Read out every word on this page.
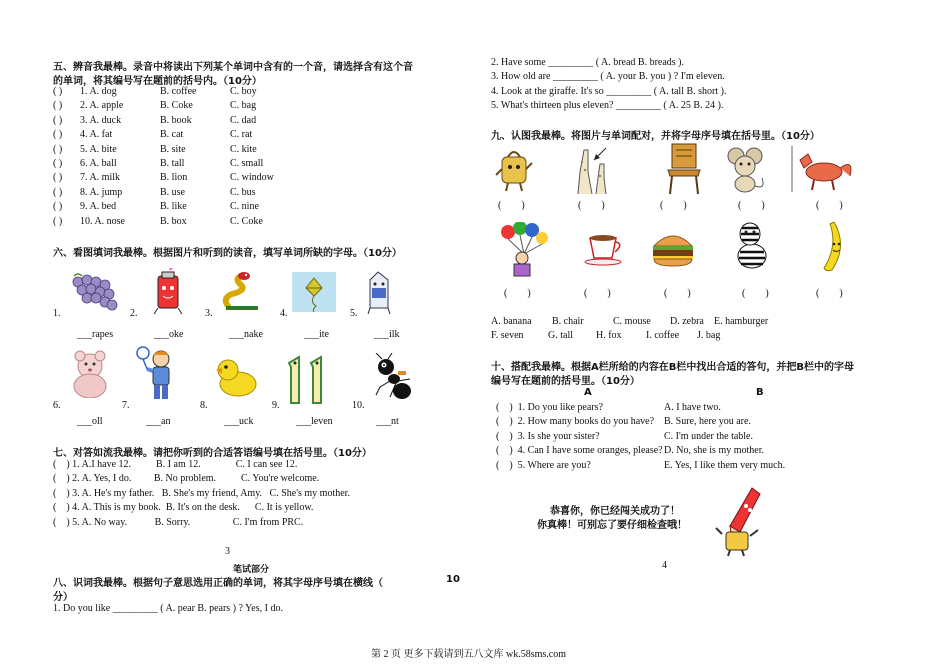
五、辨音我最棒。录音中将读出下列某个单词中含有的一个音，请选择含有这个音
的单词，将其编号写在题前的括号内。（10分）
( ) 1. A. dog	B. coffee	C. boy
( ) 2. A. apple	B. Coke	C. bag
( ) 3. A. duck	B. book	C. dad
( ) 4. A. fat	B. cat	C. rat
( ) 5. A. bite	B. site	C. kite
( ) 6. A. ball	B. tall	C. small
( ) 7. A. milk	B. lion	C. window
( ) 8. A. jump	B. use	C. bus
( ) 9. A. bed	B. like	C. nine
( ) 10. A. nose	B. box	C. Coke
六、看图填词我最棒。根据图片和听到的读音，填写单词所缺的字母。（10分）
1.
___rapes
2.
___oke
3.
___nake
4.
___ite
5.
___ilk
6.
___oll
7.
___an
8.
___uck
9.
___leven
10.
___nt
七、对答如流我最棒。请把你听到的合适答语编号填在括号里。（10分）
(    ) 1. A.I have 12.          B. I am 12.              C. I can see 12.
(    ) 2. A. Yes, I do.         B. No problem.          C. You're welcome.
(    ) 3. A. He's my father.   B. She's my friend, Amy.   C. She's my mother.
(    ) 4. A. This is my book.  B. It's on the desk.      C. It is yellow.
(    ) 5. A. No way.           B. Sorry.                 C. I'm from PRC.
3
笔试部分
八、识词我最棒。根据句子意思选用正确的单词，将其字母序号填在横线（	10
分）
1. Do you like _________ ( A. pear B. pears ) ? Yes, I do.
2. Have some _________ ( A. bread B. breads ).
3. How old are _________ ( A. your B. you ) ? I'm eleven.
4. Look at the giraffe. It's so _________ ( A. tall B. short ).
5. What's thirteen plus eleven? _________ ( A. 25 B. 24 ).
九、认图我最棒。将图片与单词配对，并将字母序号填在括号里。（10分）
(        )	(        )	(        )	(        )	(        )
(        )	(        )	(        )	(        )	(        )
A. banana B. chair	C. mouse D. zebra E. hamburger
F. seven G. tall H. fox I. coffee J. bag
十、搭配我最棒。根据A栏所给的内容在B栏中找出合适的答句，并把B栏中的字母
编号写在题前的括号里。（10分）
A	B
(    )  1. Do you like pears?	A. I have two.
(    )  2. How many books do you have? B. Sure, here you are.
(    )  3. Is she your sister?	C. I'm under the table.
(    )  4. Can I have some oranges, please? D. No, she is my mother.
(    )  5. Where are you?	E. Yes, I like them very much.
恭喜你，你已经闯关成功了！
你真棒！可别忘了要仔细检查哦！
4
第 2 页 更多下载请到五八文库 wk.58sms.com
